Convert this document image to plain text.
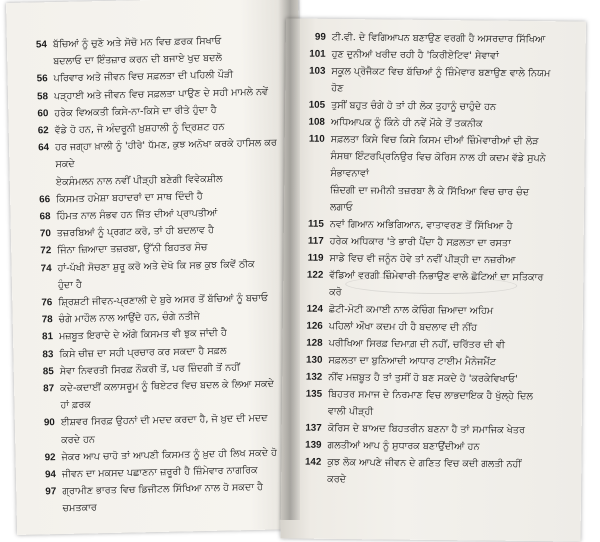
54 ਬੱਚਿਆਂ ਨੂੰ ਚੁਣੋ ਅਤੇ ਸੋਚੋ ਮਨ ਵਿਚ ਫ਼ਰਕ ਸਿਖਾਓ
ਬਦਲਾਓ ਦਾ ਇੰਤਜ਼ਾਰ ਕਰਨ ਦੀ ਬਜਾਏ ਖੁਦ ਬਦਲੋ
56 ਪਰਿਵਾਰ ਅਤੇ ਜੀਵਨ ਵਿਚ ਸਫ਼ਲਤਾ ਦੀ ਪਹਿਲੀ ਪੌੜੀ
58 ਪੜ੍ਹਾਈ ਅਤੇ ਜੀਵਨ ਵਿਚ ਸਫ਼ਲਤਾ ਪਾਉਣ ਦੇ ਸਹੀ ਮਾਮਲੇ ਨਵੇਂ
60 ਹਰੇਕ ਵਿਅਕਤੀ ਕਿਸੇ-ਨਾ-ਕਿਸੇ ਦਾ ਰੀਤੇ ਹੁੰਦਾ ਹੈ
62 ਵੱਡੇ ਹੋ ਹਨ, ਜੋ ਅੰਦਰੂਨੀ ਖ਼ੁਸ਼ਹਾਲੀ ਨੂੰ ਦ੍ਰਿਸ਼ਟ ਹਨ
64 ਹਰ ਜਗ੍ਹਾ ਖ਼ਾਲੀ ਨੂੰ 'ਹੀਰੇ' ਧੱਮਣ, ਕੁਝ ਅਨੋਖਾ ਕਰਕੇ ਹਾਸਿਲ ਕਰ
ਸਕਦੇ
ਏਕਸੰਮਲਨ ਨਾਲ ਨਵੀਂ ਪੀੜ੍ਹੀ ਬਣੇਗੀ ਵਿਵੇਕਸ਼ੀਲ
66 ਕਿਸਮਤ ਹਮੇਸ਼ਾ ਬਹਾਦਰਾਂ ਦਾ ਸਾਥ ਦਿੰਦੀ ਹੈ
68 ਹਿੰਮਤ ਨਾਲ ਸੰਭਵ ਹਨ ਜਿੱਤ ਦੀਆਂ ਪ੍ਰਾਪਤੀਆਂ
70 ਤਜ਼ਰਬਿਆਂ ਨੂੰ ਪ੍ਰਗਟ ਕਰੋ, ਤਾਂ ਹੀ ਬਦਲਾਵ ਹੈ
72 ਜਿੰਨਾ ਜ਼ਿਆਦਾ ਤਜ਼ਰਬਾ, ਉੱਨੀ ਬਿਹਤਰ ਸੋਚ
74 ਹਾਂ-ਪੱਖੀ ਸੋਚਣਾ ਸ਼ੁਰੂ ਕਰੋ ਅਤੇ ਦੇਖੋ ਕਿ ਸਭ ਕੁਝ ਕਿਵੇਂ ਠੀਕ
ਹੁੰਦਾ ਹੈ
76 ਸ਼੍ਰਿਸ਼ਟੀ ਜੀਵਨ-ਪ੍ਰਣਾਲੀ ਦੇ ਬੁਰੇ ਅਸਰ ਤੋਂ ਬੱਚਿਆਂ ਨੂੰ ਬਚਾਓ
78 ਚੰਗੇ ਮਾਹੌਲ ਨਾਲ ਆਉਂਦੇ ਹਨ, ਚੰਗੇ ਨਤੀਜੇ
81 ਮਜ਼ਬੂਤ ਇਰਾਦੇ ਦੇ ਅੱਗੇ ਕਿਸਮਤ ਵੀ ਝੁਕ ਜਾਂਦੀ ਹੈ
83 ਕਿਸੇ ਚੀਜ਼ ਦਾ ਸਹੀ ਪ੍ਰਚਾਰ ਕਰ ਸਕਦਾ ਹੈ ਸਫ਼ਲ
85 ਸੇਵਾ ਨਿਵਰਤੀ ਸਿਰਫ਼ ਨੌਕਰੀ ਤੋਂ, ਪਰ ਜ਼ਿੰਦਗੀ ਤੋਂ ਨਹੀਂ
87 ਕਦੇ-ਕਦਾਈਂ ਕਲਾਸਰੂਮ ਨੂੰ ਥਿਏਟਰ ਵਿਚ ਬਦਲ ਕੇ ਲਿਆ ਸਕਦੇ
ਹਾਂ ਫ਼ਰਕ
90 ਈਸ਼ਵਰ ਸਿਰਫ਼ ਉਹਨਾਂ ਦੀ ਮਦਦ ਕਰਦਾ ਹੈ, ਜੋ ਖ਼ੁਦ ਦੀ ਮਦਦ
ਕਰਦੇ ਹਨ
92 ਜੇਕਰ ਆਪ ਚਾਹੋ ਤਾਂ ਆਪਣੀ ਕਿਸਮਤ ਨੂੰ ਖ਼ੁਦ ਹੀ ਲਿਖ ਸਕਦੇ ਹੋ
94 ਜੀਵਨ ਦਾ ਮਕਸਦ ਪਛਾਣਨਾ ਜ਼ਰੂਰੀ ਹੈ ਜ਼ਿੰਮੇਵਾਰ ਨਾਗਰਿਕ
97 ਗ੍ਰਾਮੀਣ ਭਾਰਤ ਵਿਚ ਡਿਜੀਟਲ ਸਿੱਖਿਆ ਨਾਲ ਹੋ ਸਕਦਾ ਹੈ
ਚਮਤਕਾਰ
99 ਟੀ.ਵੀ. ਦੇ ਵਿਗਿਆਪਨ ਬਣਾਉਣ ਵਰਗੀ ਹੈ ਅਸਰਦਾਰ ਸਿੱਖਿਆ
101 ਹੁਣ ਦੁਨੀਆਂ ਖਰੀਦ ਰਹੀ ਹੈ 'ਕਿਰੀਏਟਿਵ' ਸੇਵਾਵਾਂ
103 ਸਕੂਲ ਪ੍ਰੋਜੈਕਟ ਵਿਚ ਬੱਚਿਆਂ ਨੂੰ ਜ਼ਿੰਮੇਵਾਰ ਬਣਾਉਣ ਵਾਲੇ ਨਿਯਮ
ਹੋਣ
105 ਤੁਸੀਂ ਬਹੁਤ ਚੰਗੇ ਹੋ ਤਾਂ ਹੀ ਲੋਕ ਤੁਹਾਨੂੰ ਚਾਹੁੰਦੇ ਹਨ
108 ਅਧਿਆਪਕ ਨੂੰ ਕਿੰਨੇ ਹੀ ਨਵੇਂ ਮੌਕੇ ਤੋਂ ਤਕਨੀਕ
110 ਸਫ਼ਲਤਾ ਕਿਸੇ ਵਿਚ ਕਿਸੇ ਕਿਸਮ ਦੀਆਂ ਜ਼ਿੰਮੇਵਾਰੀਆਂ ਦੀ ਲੋੜ
ਸੰਸਥਾ ਇੰਟਰਪ੍ਰਿਨਿਉਰ ਵਿਚ ਕੋਰਿਸ ਨਾਲ ਹੀ ਕਦਮ ਵੱਡੇ ਸੁਪਨੇ
ਸੰਭਾਵਨਾਵਾਂ
ਜ਼ਿੰਦਗੀ ਦਾ ਜਮੀਨੀ ਤਜ਼ਰਬਾ ਲੈ ਕੇ ਸਿੱਖਿਆ ਵਿਚ ਚਾਰ ਚੰਦ
ਲਗਾਓ
115 ਨਵਾਂ ਗਿਆਨ ਅਭਿਗਿਆਨ, ਵਾਤਾਵਰਣ ਤੋਂ ਸਿੱਖਿਆ ਹੈ
117 ਹਰੇਕ ਅਧਿਕਾਰ 'ਤੇ ਭਾਰੀ ਪੈਂਦਾ ਹੈ ਸਫ਼ਲਤਾ ਦਾ ਰਸਤਾ
119 ਸਾਡੇ ਵਿਚ ਵੀ ਜਨੂੰਨ ਹੋਵੇ ਤਾਂ ਨਵੀਂ ਪੀੜ੍ਹੀ ਦਾ ਨਜ਼ਰੀਆ
122 ਵੱਡਿਆਂ ਵਰਗੀ ਜ਼ਿੰਮੇਵਾਰੀ ਨਿਭਾਉਣ ਵਾਲੇ ਛੋਟਿਆਂ ਦਾ ਸਤਿਕਾਰ
ਕਰੋ
124 ਛੋਟੀ-ਮੋਟੀ ਕਮਾਈ ਨਾਲ ਕੋਚਿੰਗ ਜ਼ਿਆਦਾ ਅਹਿਮ
126 ਪਹਿਲਾਂ ਔਖਾ ਕਦਮ ਹੀ ਹੈ ਬਦਲਾਵ ਦੀ ਨੀਂਹ
128 ਪਰੀਖਿਆ ਸਿਰਫ਼ ਦਿਮਾਗ਼ ਦੀ ਨਹੀਂ, ਚਰਿੱਤਰ ਦੀ ਵੀ
130 ਸਫ਼ਲਤਾ ਦਾ ਬੁਨਿਆਦੀ ਆਧਾਰ ਟਾਈਮ ਮੈਨੇਜਮੈਂਟ
132 ਨੀਂਵ ਮਜ਼ਬੂਤ ਹੈ ਤਾਂ ਤੁਸੀਂ ਹੋ ਬਣ ਸਕਦੇ ਹੋ 'ਕਰਕੇਵਿਖਾਓ'
135 ਬਿਹਤਰ ਸਮਾਜ ਦੇ ਨਿਰਮਾਣ ਵਿਚ ਲਾਭਦਾਇਕ ਹੈ ਖੁੱਲ੍ਹੇ ਦਿਲ
ਵਾਲੀ ਪੀੜ੍ਹੀ
137 ਕੋਰਿਸ ਦੇ ਬਾਅਦ ਬਿਹਤਰੀਨ ਬਣਨਾ ਹੈ ਤਾਂ ਸਮਾਜਿਕ ਖੇਤਰ
139 ਗਲਤੀਆਂ ਆਪ ਨੂੰ ਸੁਧਾਰਕ ਬਣਾਉਂਦੀਆਂ ਹਨ
142 ਕੁਝ ਲੋਕ ਆਪਣੇ ਜੀਵਨ ਦੇ ਗਣਿਤ ਵਿਚ ਕਦੀ ਗਲਤੀ ਨਹੀਂ
ਕਰਦੇ
